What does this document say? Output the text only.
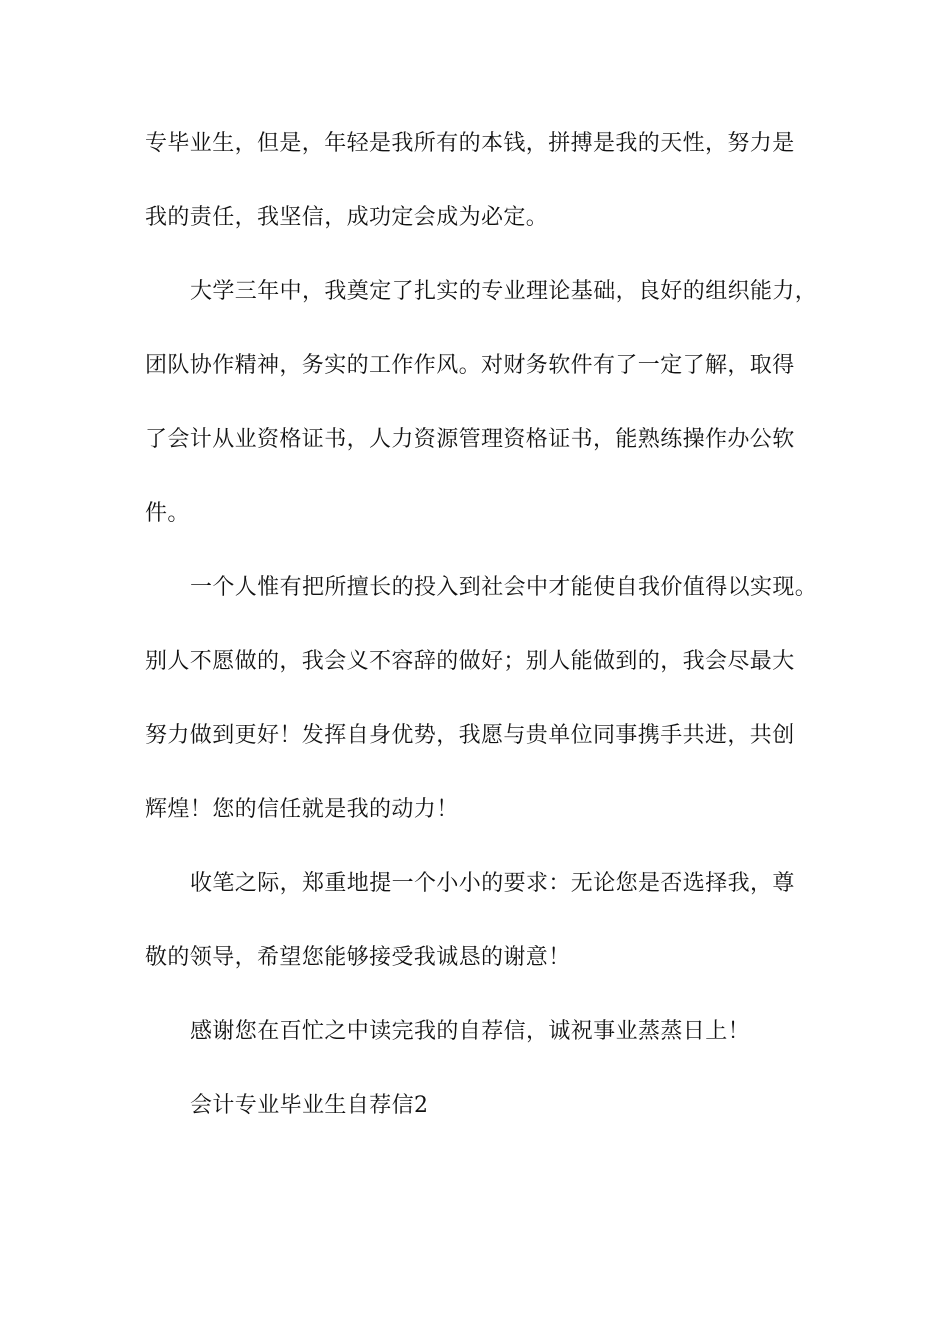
专毕业生，但是，年轻是我所有的本钱，拼搏是我的天性，努力是
我的责任，我坚信，成功定会成为必定。
大学三年中，我奠定了扎实的专业理论基础，良好的组织能力，
团队协作精神，务实的工作作风。对财务软件有了一定了解，取得
了会计从业资格证书，人力资源管理资格证书，能熟练操作办公软
件。
一个人惟有把所擅长的投入到社会中才能使自我价值得以实现。
别人不愿做的，我会义不容辞的做好；别人能做到的，我会尽最大
努力做到更好！发挥自身优势，我愿与贵单位同事携手共进，共创
辉煌！您的信任就是我的动力！
收笔之际，郑重地提一个小小的要求：无论您是否选择我，尊
敬的领导，希望您能够接受我诚恳的谢意！
感谢您在百忙之中读完我的自荐信，诚祝事业蒸蒸日上！
会计专业毕业生自荐信2
